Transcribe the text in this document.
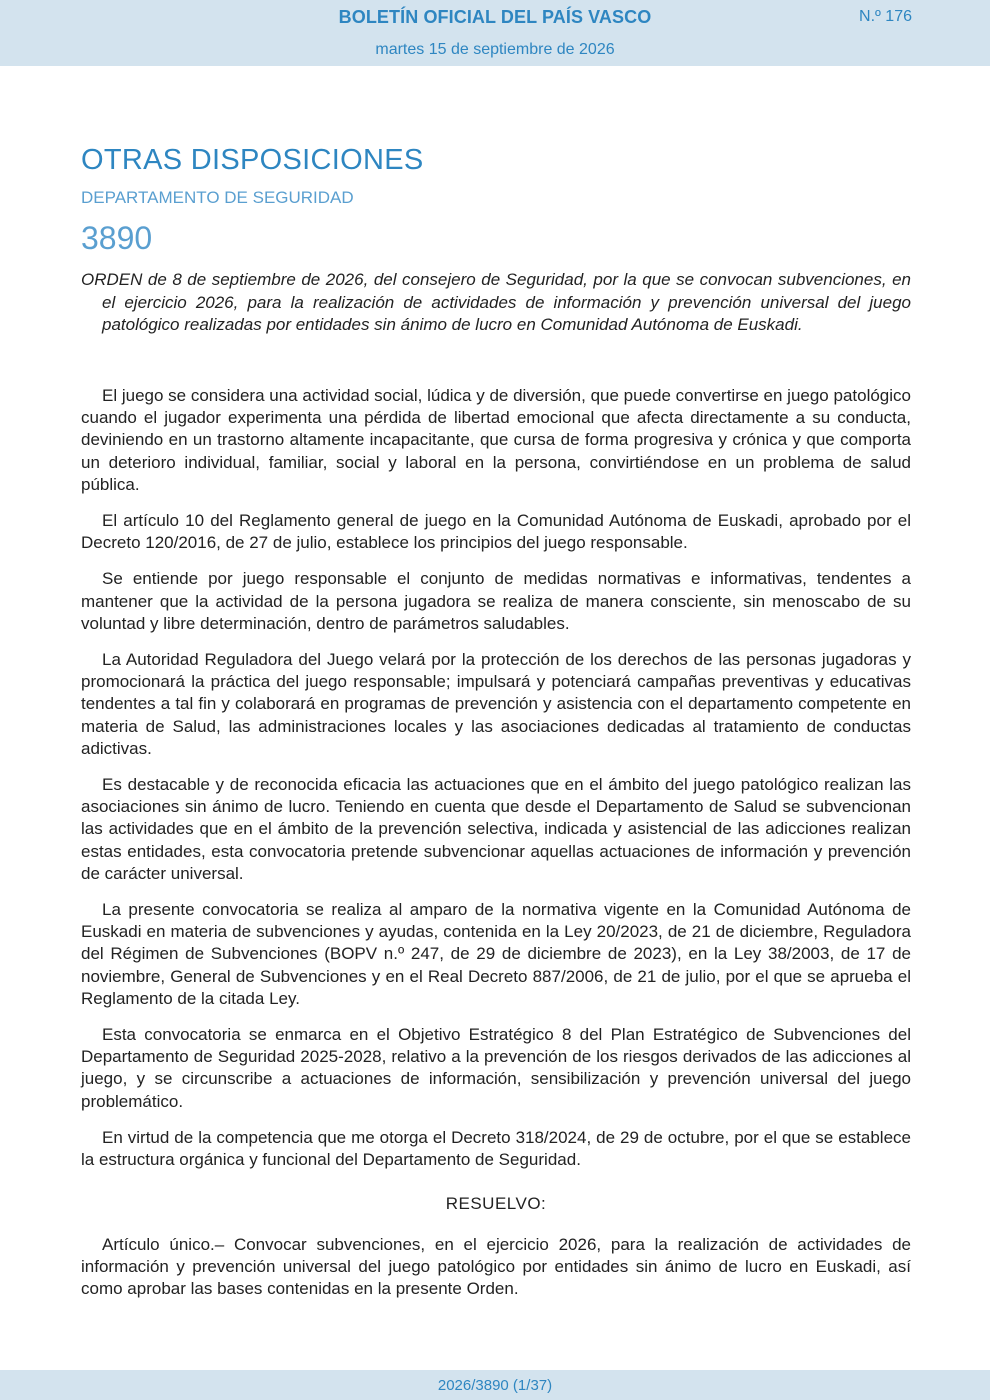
BOLETÍN OFICIAL DEL PAÍS VASCO	N.º 176
martes 15 de septiembre de 2026
OTRAS DISPOSICIONES
DEPARTAMENTO DE SEGURIDAD
3890

ORDEN de 8 de septiembre de 2026, del consejero de Seguridad, por la que se convocan subvenciones, en el ejercicio 2026, para la realización de actividades de información y prevención universal del juego patológico realizadas por entidades sin ánimo de lucro en Comunidad Autónoma de Euskadi.

El juego se considera una actividad social, lúdica y de diversión, que puede convertirse en juego patológico cuando el jugador experimenta una pérdida de libertad emocional que afecta directamente a su conducta, deviniendo en un trastorno altamente incapacitante, que cursa de forma progresiva y crónica y que comporta un deterioro individual, familiar, social y laboral en la persona, convirtiéndose en un problema de salud pública.

El artículo 10 del Reglamento general de juego en la Comunidad Autónoma de Euskadi, aprobado por el Decreto 120/2016, de 27 de julio, establece los principios del juego responsable.

Se entiende por juego responsable el conjunto de medidas normativas e informativas, tendentes a mantener que la actividad de la persona jugadora se realiza de manera consciente, sin menoscabo de su voluntad y libre determinación, dentro de parámetros saludables.

La Autoridad Reguladora del Juego velará por la protección de los derechos de las personas jugadoras y promocionará la práctica del juego responsable; impulsará y potenciará campañas preventivas y educativas tendentes a tal fin y colaborará en programas de prevención y asistencia con el departamento competente en materia de Salud, las administraciones locales y las asociaciones dedicadas al tratamiento de conductas adictivas.

Es destacable y de reconocida eficacia las actuaciones que en el ámbito del juego patológico realizan las asociaciones sin ánimo de lucro. Teniendo en cuenta que desde el Departamento de Salud se subvencionan las actividades que en el ámbito de la prevención selectiva, indicada y asistencial de las adicciones realizan estas entidades, esta convocatoria pretende subvencionar aquellas actuaciones de información y prevención de carácter universal.

La presente convocatoria se realiza al amparo de la normativa vigente en la Comunidad Autónoma de Euskadi en materia de subvenciones y ayudas, contenida en la Ley 20/2023, de 21 de diciembre, Reguladora del Régimen de Subvenciones (BOPV n.º 247, de 29 de diciembre de 2023), en la Ley 38/2003, de 17 de noviembre, General de Subvenciones y en el Real Decreto 887/2006, de 21 de julio, por el que se aprueba el Reglamento de la citada Ley.

Esta convocatoria se enmarca en el Objetivo Estratégico 8 del Plan Estratégico de Subvenciones del Departamento de Seguridad 2025-2028, relativo a la prevención de los riesgos derivados de las adicciones al juego, y se circunscribe a actuaciones de información, sensibilización y prevención universal del juego problemático.

En virtud de la competencia que me otorga el Decreto 318/2024, de 29 de octubre, por el que se establece la estructura orgánica y funcional del Departamento de Seguridad.

RESUELVO:

Artículo único.– Convocar subvenciones, en el ejercicio 2026, para la realización de actividades de información y prevención universal del juego patológico por entidades sin ánimo de lucro en Euskadi, así como aprobar las bases contenidas en la presente Orden.

2026/3890 (1/37)
